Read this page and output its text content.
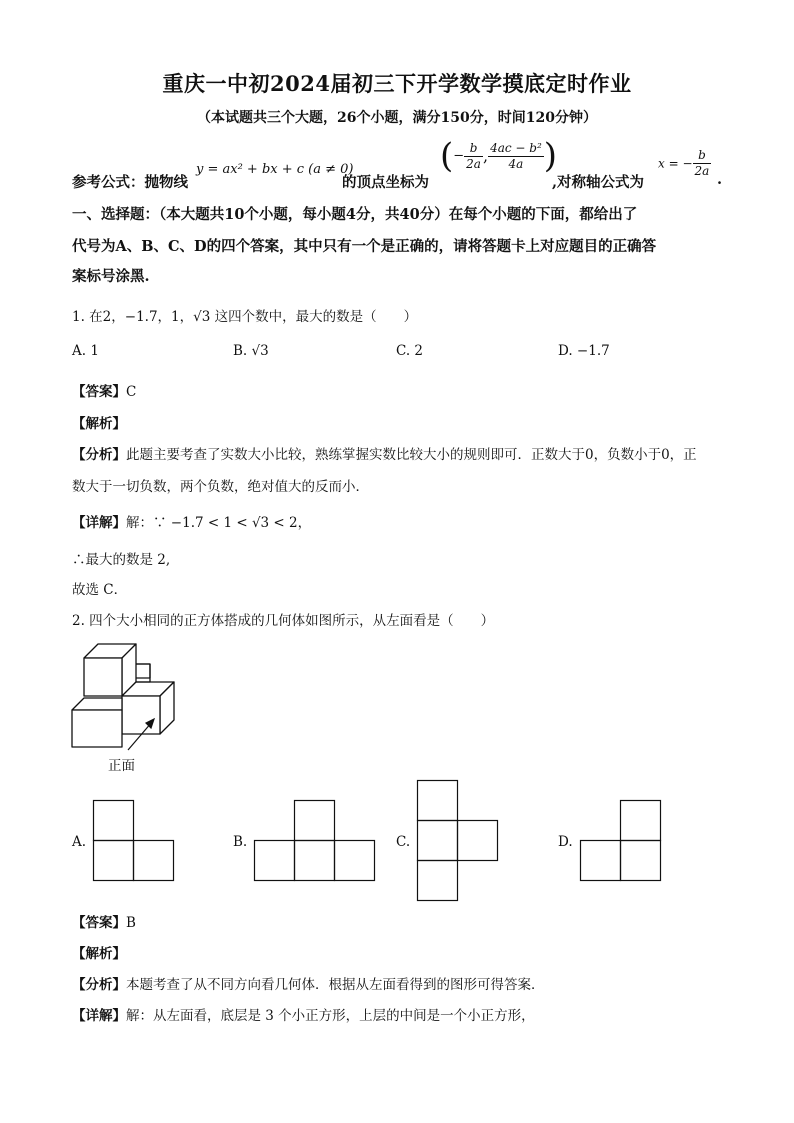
重庆一中初2024届初三下开学数学摸底定时作业
（本试题共三个大题，26个小题，满分150分，时间120分钟）
参考公式：抛物线
y = ax² + bx + c (a ≠ 0)
的顶点坐标为
(− $\frac{b}{2a}$ , $\frac{\text{4ac − b²}}{4a}$ )
,对称轴公式为
x = − $\frac{b}{2a}$
.
一、选择题：（本大题共10个小题，每小题4分，共40分）在每个小题的下面，都给出了
代号为A、B、C、D的四个答案，其中只有一个是正确的，请将答题卡上对应题目的正确答
案标号涂黑.
1. 在2，−1.7，1，√3 这四个数中，最大的数是（　　）
A. 1	B. √3	C. 2	D. −1.7
【答案】C
【解析】
【分析】此题主要考查了实数大小比较，熟练掌握实数比较大小的规则即可．正数大于0，负数小于0，正
数大于一切负数，两个负数，绝对值大的反而小．
【详解】解：∵ −1.7 < 1 < √3 < 2，
∴最大的数是 2,
故选 C．
2. 四个大小相同的正方体搭成的几何体如图所示，从左面看是（　　）
正面
A.	B.	C.	D.
【答案】B
【解析】
【分析】本题考查了从不同方向看几何体．根据从左面看得到的图形可得答案．
【详解】解：从左面看，底层是 3 个小正方形，上层的中间是一个小正方形，
